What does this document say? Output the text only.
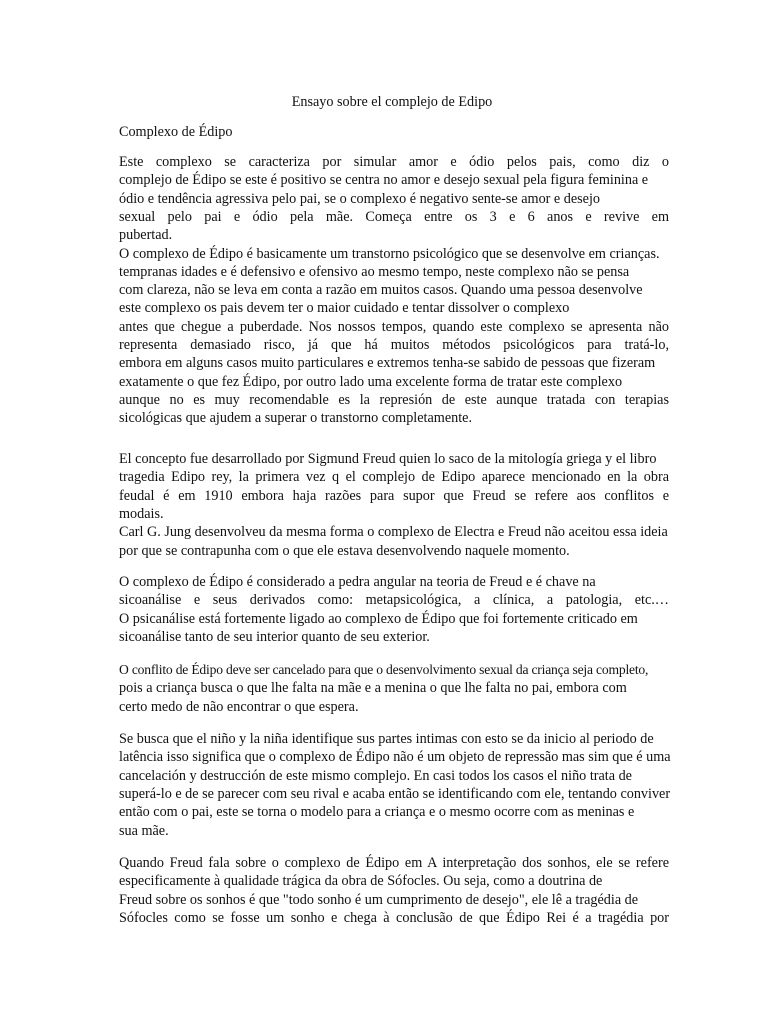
Ensayo sobre el complejo de Edipo
Complexo de Édipo
Este complexo se caracteriza por simular amor e ódio pelos pais, como diz o
complejo de Édipo se este é positivo se centra no amor e desejo sexual pela figura feminina e
ódio e tendência agressiva pelo pai, se o complexo é negativo sente-se amor e desejo
sexual pelo pai e ódio pela mãe. Começa entre os 3 e 6 anos e revive em
pubertad.
O complexo de Édipo é basicamente um transtorno psicológico que se desenvolve em crianças.
tempranas idades e é defensivo e ofensivo ao mesmo tempo, neste complexo não se pensa
com clareza, não se leva em conta a razão em muitos casos. Quando uma pessoa desenvolve
este complexo os pais devem ter o maior cuidado e tentar dissolver o complexo
antes que chegue a puberdade. Nos nossos tempos, quando este complexo se apresenta não
representa demasiado risco, já que há muitos métodos psicológicos para tratá-lo,
embora em alguns casos muito particulares e extremos tenha-se sabido de pessoas que fizeram
exatamente o que fez Édipo, por outro lado uma excelente forma de tratar este complexo
aunque no es muy recomendable es la represión de este aunque tratada con terapias
sicológicas que ajudem a superar o transtorno completamente.
El concepto fue desarrollado por Sigmund Freud quien lo saco de la mitología griega y el libro
tragedia Edipo rey, la primera vez q el complejo de Edipo aparece mencionado en la obra
feudal é em 1910 embora haja razões para supor que Freud se refere aos conflitos e
modais.
Carl G. Jung desenvolveu da mesma forma o complexo de Electra e Freud não aceitou essa ideia
por que se contrapunha com o que ele estava desenvolvendo naquele momento.
O complexo de Édipo é considerado a pedra angular na teoria de Freud e é chave na
sicoanálise e seus derivados como: metapsicológica, a clínica, a patologia, etc.…
O psicanálise está fortemente ligado ao complexo de Édipo que foi fortemente criticado em
sicoanálise tanto de seu interior quanto de seu exterior.
O conflito de Édipo deve ser cancelado para que o desenvolvimento sexual da criança seja completo,
pois a criança busca o que lhe falta na mãe e a menina o que lhe falta no pai, embora com
certo medo de não encontrar o que espera.
Se busca que el niño y la niña identifique sus partes intimas con esto se da inicio al periodo de
latência isso significa que o complexo de Édipo não é um objeto de repressão mas sim que é uma
cancelación y destrucción de este mismo complejo. En casi todos los casos el niño trata de
superá-lo e de se parecer com seu rival e acaba então se identificando com ele, tentando conviver
então com o pai, este se torna o modelo para a criança e o mesmo ocorre com as meninas e
sua mãe.
Quando Freud fala sobre o complexo de Édipo em A interpretação dos sonhos, ele se refere
especificamente à qualidade trágica da obra de Sófocles. Ou seja, como a doutrina de
Freud sobre os sonhos é que "todo sonho é um cumprimento de desejo", ele lê a tragédia de
Sófocles como se fosse um sonho e chega à conclusão de que Édipo Rei é a tragédia por
